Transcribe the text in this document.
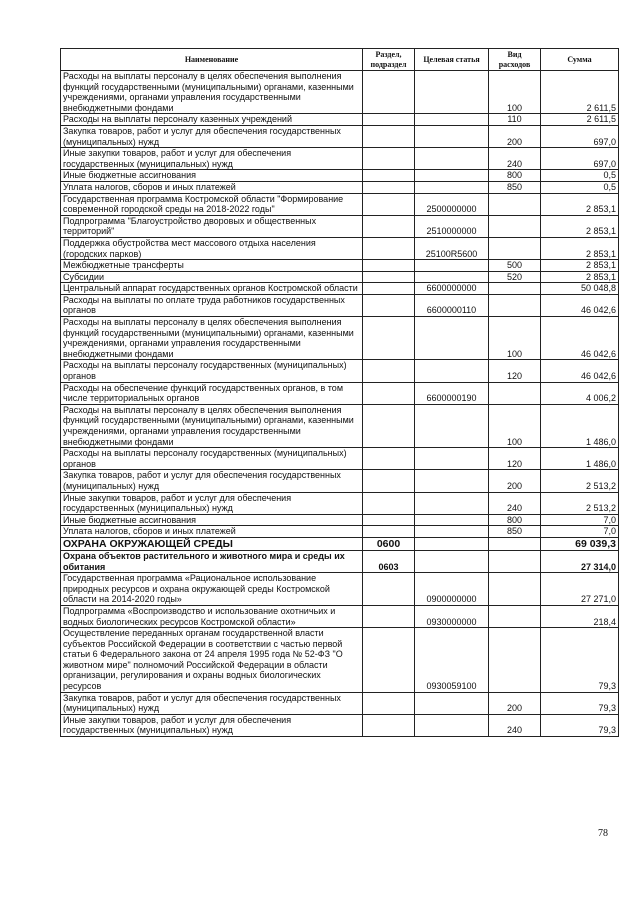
Наименование	Раздел, подраздел	Целевая статья	Вид расходов	Сумма
Расходы на выплаты персоналу в целях обеспечения выполнения функций государственными (муниципальными) органами, казенными учреждениями, органами управления государственными внебюджетными фондами			100	2 611,5
Расходы на выплаты персоналу казенных учреждений			110	2 611,5
Закупка товаров, работ и услуг для обеспечения государственных (муниципальных) нужд			200	697,0
Иные закупки товаров, работ и услуг для обеспечения государственных (муниципальных) нужд			240	697,0
Иные бюджетные ассигнования			800	0,5
Уплата налогов, сборов и иных платежей			850	0,5
Государственная программа Костромской области "Формирование современной городской среды на 2018-2022 годы"		2500000000		2 853,1
Подпрограмма "Благоустройство дворовых и общественных территорий"		2510000000		2 853,1
Поддержка обустройства мест массового отдыха населения (городских парков)		25100R5600		2 853,1
Межбюджетные трансферты			500	2 853,1
Субсидии			520	2 853,1
Центральный аппарат государственных органов Костромской области		6600000000		50 048,8
Расходы на выплаты по оплате труда работников государственных органов		6600000110		46 042,6
Расходы на выплаты персоналу в целях обеспечения выполнения функций государственными (муниципальными) органами, казенными учреждениями, органами управления государственными внебюджетными фондами			100	46 042,6
Расходы на выплаты персоналу государственных (муниципальных) органов			120	46 042,6
Расходы на обеспечение функций государственных органов, в том числе территориальных органов		6600000190		4 006,2
Расходы на выплаты персоналу в целях обеспечения выполнения функций государственными (муниципальными) органами, казенными учреждениями, органами управления государственными внебюджетными фондами			100	1 486,0
Расходы на выплаты персоналу государственных (муниципальных) органов			120	1 486,0
Закупка товаров, работ и услуг для обеспечения государственных (муниципальных) нужд			200	2 513,2
Иные закупки товаров, работ и услуг для обеспечения государственных (муниципальных) нужд			240	2 513,2
Иные бюджетные ассигнования			800	7,0
Уплата налогов, сборов и иных платежей			850	7,0
ОХРАНА ОКРУЖАЮЩЕЙ СРЕДЫ	0600			69 039,3
Охрана объектов растительного и животного мира и среды их обитания	0603			27 314,0
Государственная программа «Рациональное использование природных ресурсов и охрана окружающей среды Костромской области на 2014-2020 годы»		0900000000		27 271,0
Подпрограмма «Воспроизводство и использование охотничьих и водных биологических ресурсов Костромской области»		0930000000		218,4
Осуществление переданных органам государственной власти субъектов Российской Федерации в соответствии с частью первой статьи 6 Федерального закона от 24 апреля 1995 года № 52-ФЗ "О животном мире" полномочий Российской Федерации в области организации, регулирования и охраны водных биологических ресурсов		0930059100		79,3
Закупка товаров, работ и услуг для обеспечения государственных (муниципальных) нужд			200	79,3
Иные закупки товаров, работ и услуг для обеспечения государственных (муниципальных) нужд			240	79,3
78
